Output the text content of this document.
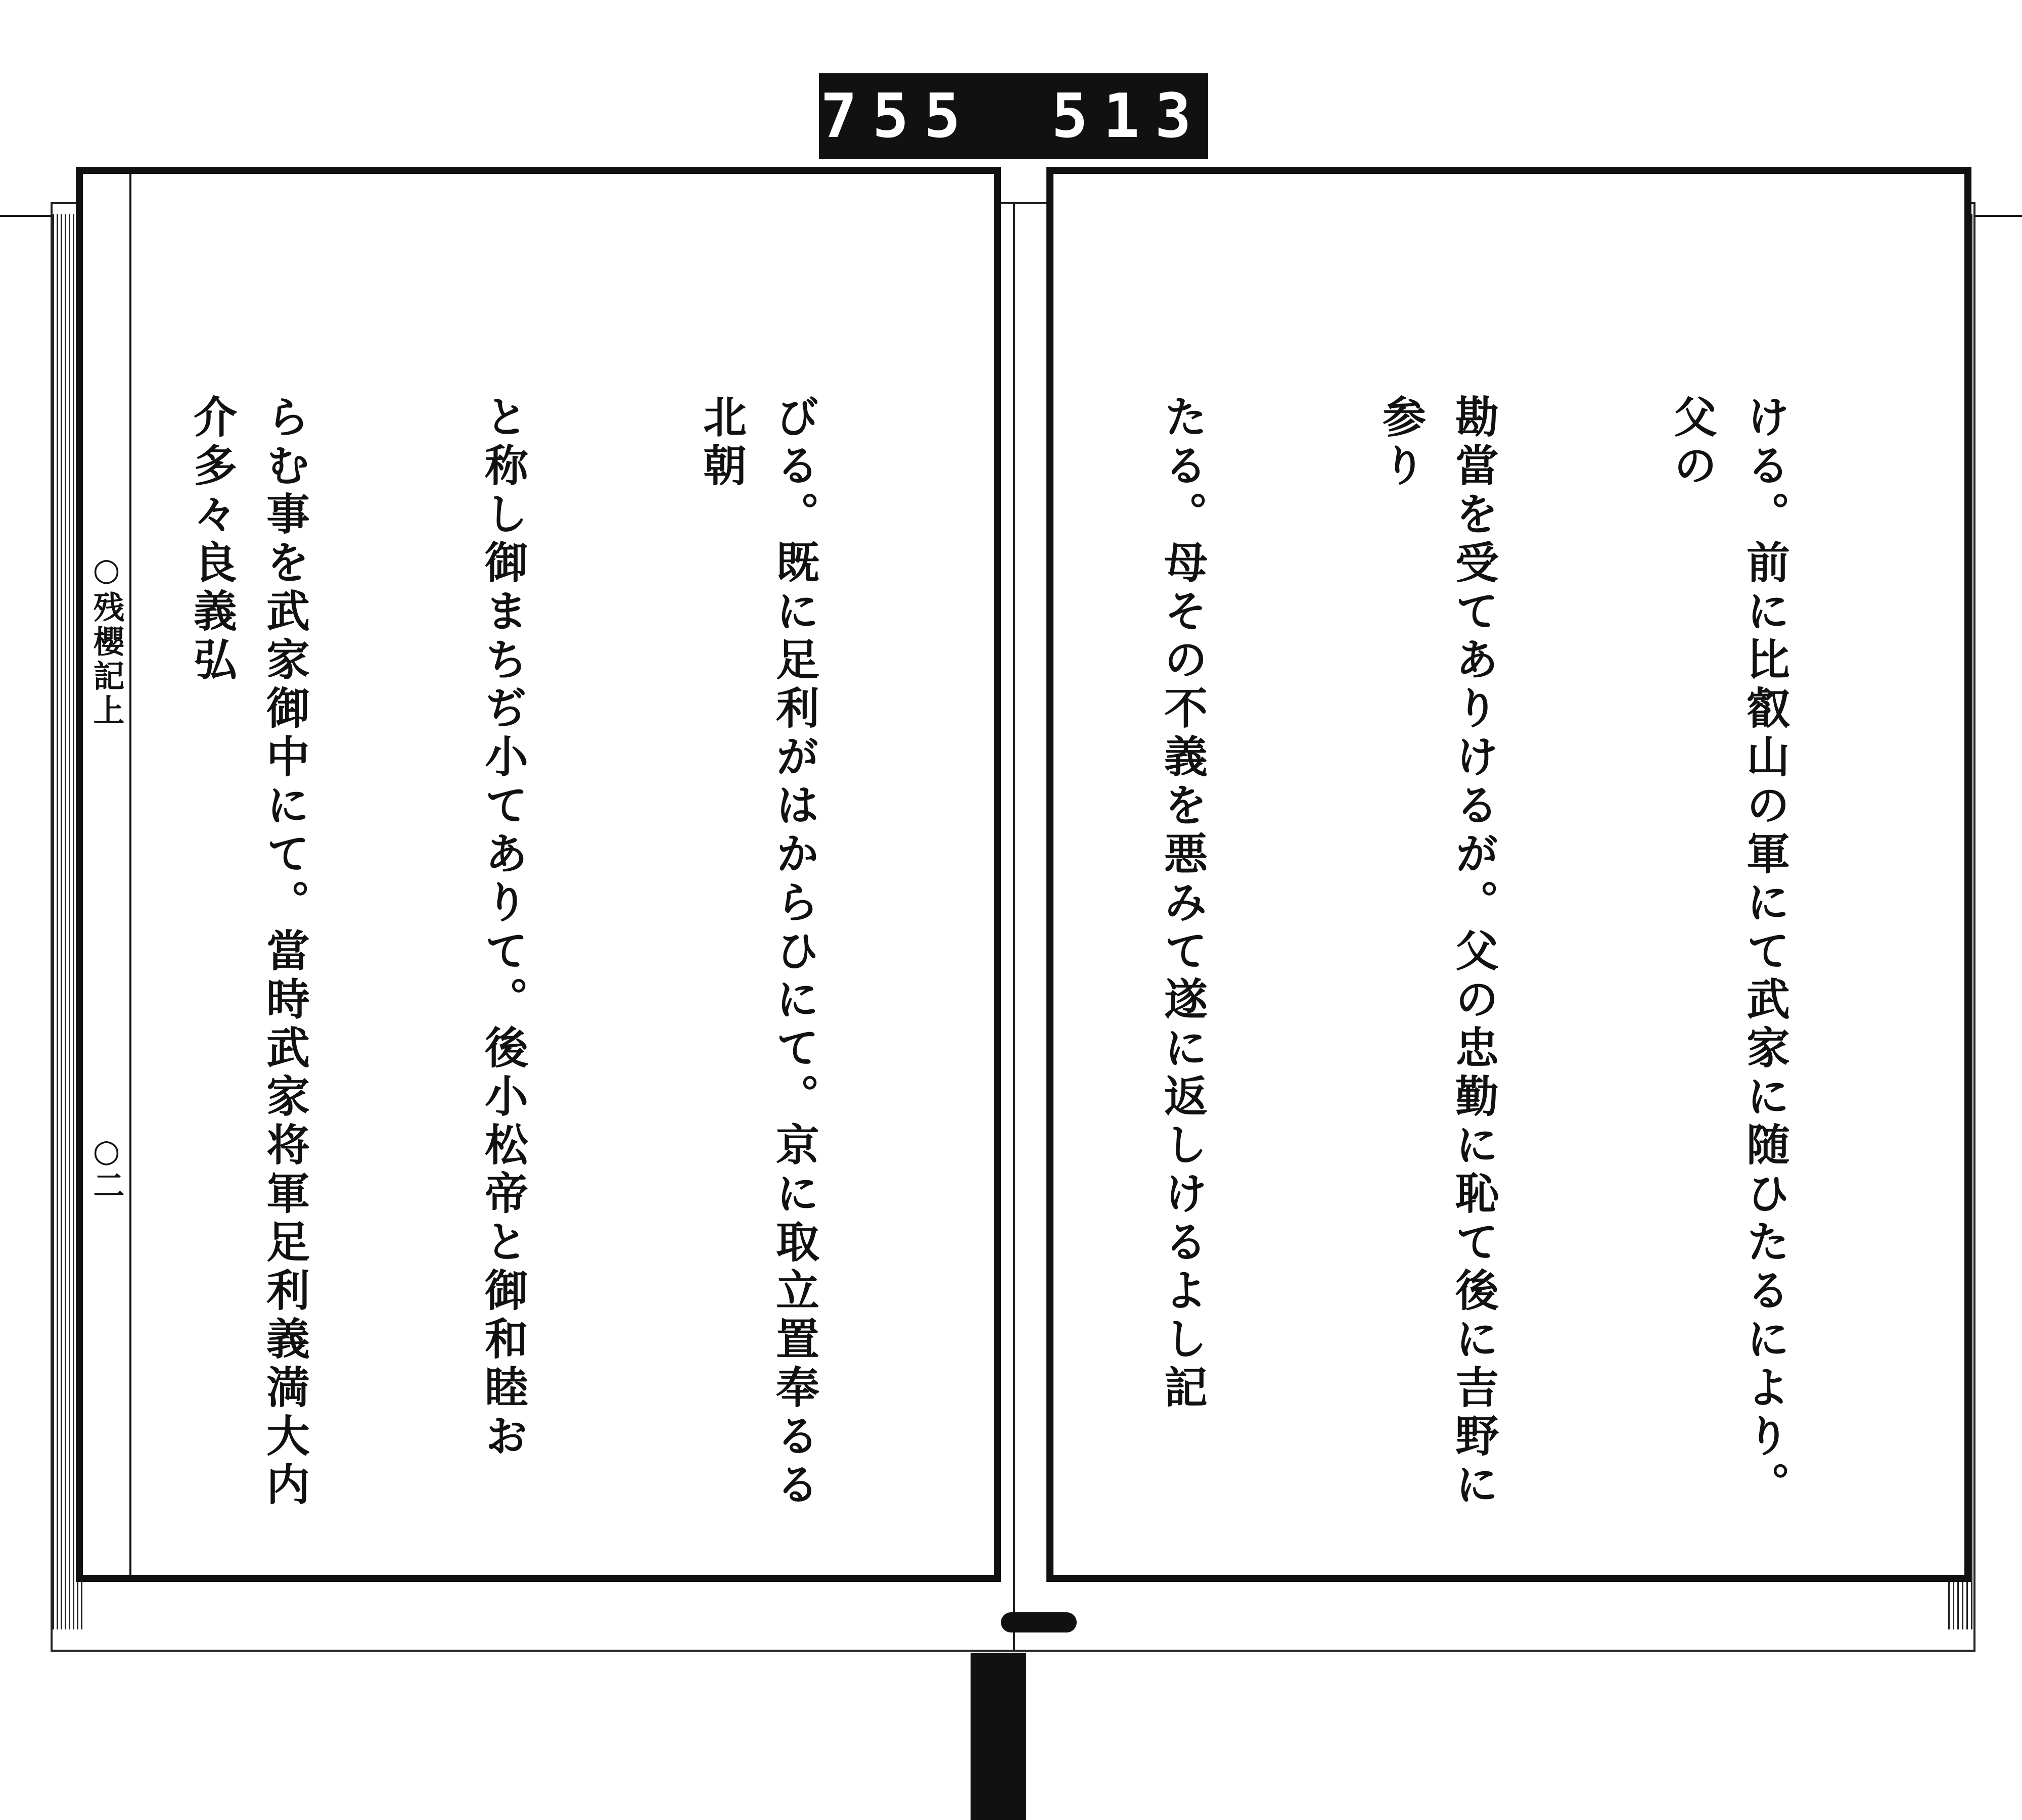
755 513
○残櫻記上
○二

	ける。前に比叡山の軍にて武家に随ひたるにより。父の

勘當を受てありけるが。父の忠勤に恥て後に吉野に参り

たる。母その不義を悪みて遂に返しけるよし記

びる。既に足利がはからひにて。京に取立置奉るる北朝

と称し御まちぢ小てありて。後小松帝と御和睦お

らむ事を武家御中にて。當時武家将軍足利義満大内介多々良義弘
